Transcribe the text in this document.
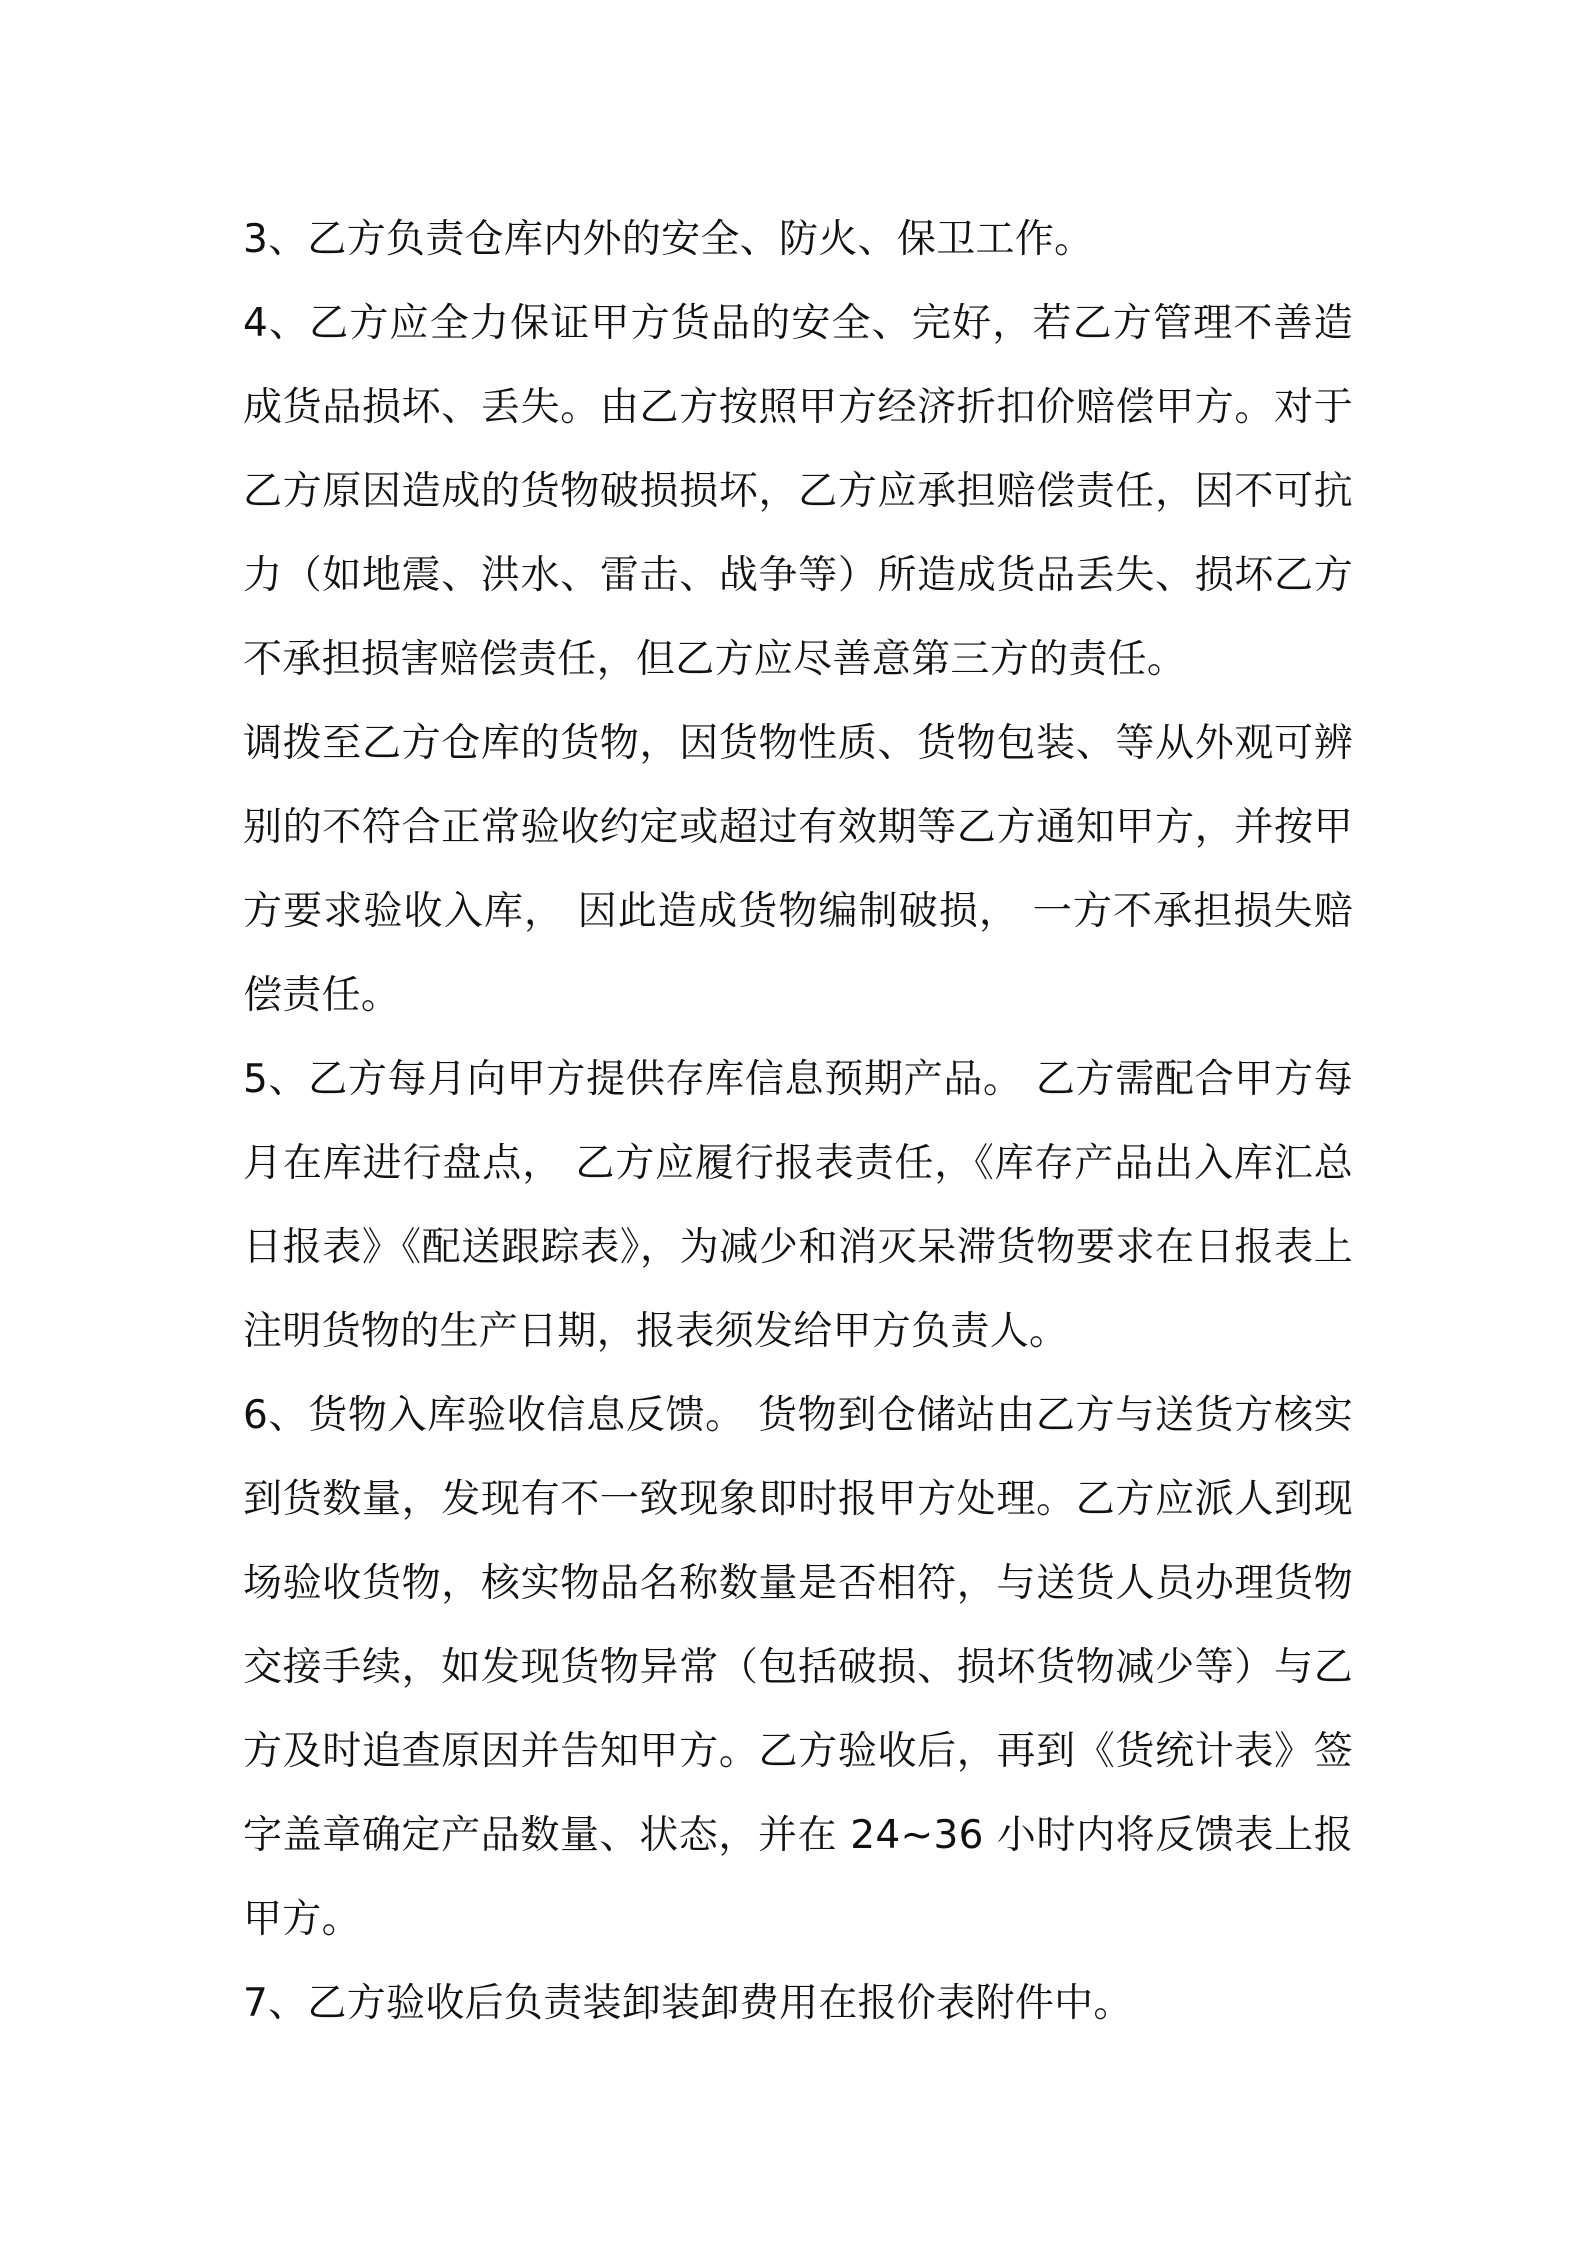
3、乙方负责仓库内外的安全、防火、保卫工作。

4、乙方应全力保证甲方货品的安全、完好，若乙方管理不善造成货品损坏、丢失。由乙方按照甲方经济折扣价赔偿甲方。对于乙方原因造成的货物破损损坏，乙方应承担赔偿责任，因不可抗力（如地震、洪水、雷击、战争等）所造成货品丢失、损坏乙方不承担损害赔偿责任，但乙方应尽善意第三方的责任。

调拨至乙方仓库的货物，因货物性质、货物包装、等从外观可辨别的不符合正常验收约定或超过有效期等乙方通知甲方，并按甲方要求验收入库， 因此造成货物编制破损， 一方不承担损失赔偿责任。

5、乙方每月向甲方提供存库信息预期产品。 乙方需配合甲方每月在库进行盘点， 乙方应履行报表责任，《库存产品出入库汇总日报表》《配送跟踪表》，为减少和消灭呆滞货物要求在日报表上注明货物的生产日期，报表须发给甲方负责人。

6、货物入库验收信息反馈。 货物到仓储站由乙方与送货方核实到货数量，发现有不一致现象即时报甲方处理。乙方应派人到现场验收货物，核实物品名称数量是否相符，与送货人员办理货物交接手续，如发现货物异常（包括破损、损坏货物减少等）与乙方及时追查原因并告知甲方。乙方验收后，再到《货统计表》签字盖章确定产品数量、状态，并在 24~36 小时内将反馈表上报甲方。

7、乙方验收后负责装卸装卸费用在报价表附件中。
